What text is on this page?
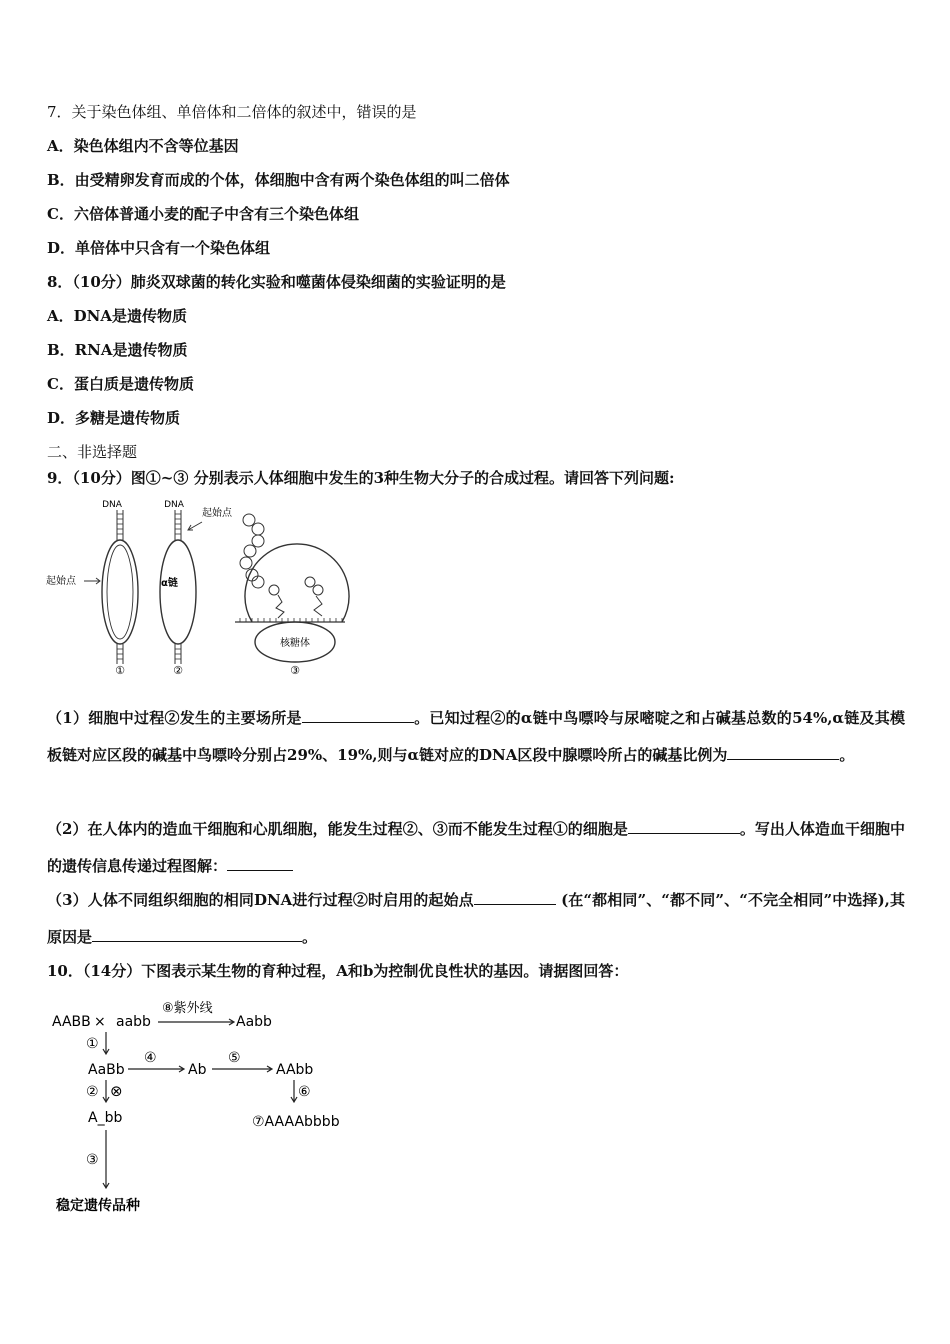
7．关于染色体组、单倍体和二倍体的叙述中，错误的是
A．染色体组内不含等位基因
B．由受精卵发育而成的个体，体细胞中含有两个染色体组的叫二倍体
C．六倍体普通小麦的配子中含有三个染色体组
D．单倍体中只含有一个染色体组
8．（10分）肺炎双球菌的转化实验和噬菌体侵染细菌的实验证明的是
A．DNA是遗传物质
B．RNA是遗传物质
C．蛋白质是遗传物质
D．多糖是遗传物质
二、非选择题
9．（10分）图①~③ 分别表示人体细胞中发生的3种生物大分子的合成过程。请回答下列问题:
DNA
起始点
①
DNA
α链
起始点
②
核糖体
③
（1）细胞中过程②发生的主要场所是	。已知过程②的α链中鸟嘌呤与尿嘧啶之和占碱基总数的54%,α链及其模板链对应区段的碱基中鸟嘌呤分别占29%、19%,则与α链对应的DNA区段中腺嘌呤所占的碱基比例为	。
（2）在人体内的造血干细胞和心肌细胞，能发生过程②、③而不能发生过程①的细胞是	。写出人体造血干细胞中的遗传信息传递过程图解：
（3）人体不同组织细胞的相同DNA进行过程②时启用的起始点	(在“都相同”、“都不同”、“不完全相同”中选择),其原因是	。
10．（14分）下图表示某生物的育种过程，A和b为控制优良性状的基因。请据图回答：
AABB × aabb
⑧紫外线
Aabb
①
AaBb
④
Ab
⑤
AAbb
② ⊗
A_bb
⑥
⑦AAAAbbbb
③
稳定遗传品种
